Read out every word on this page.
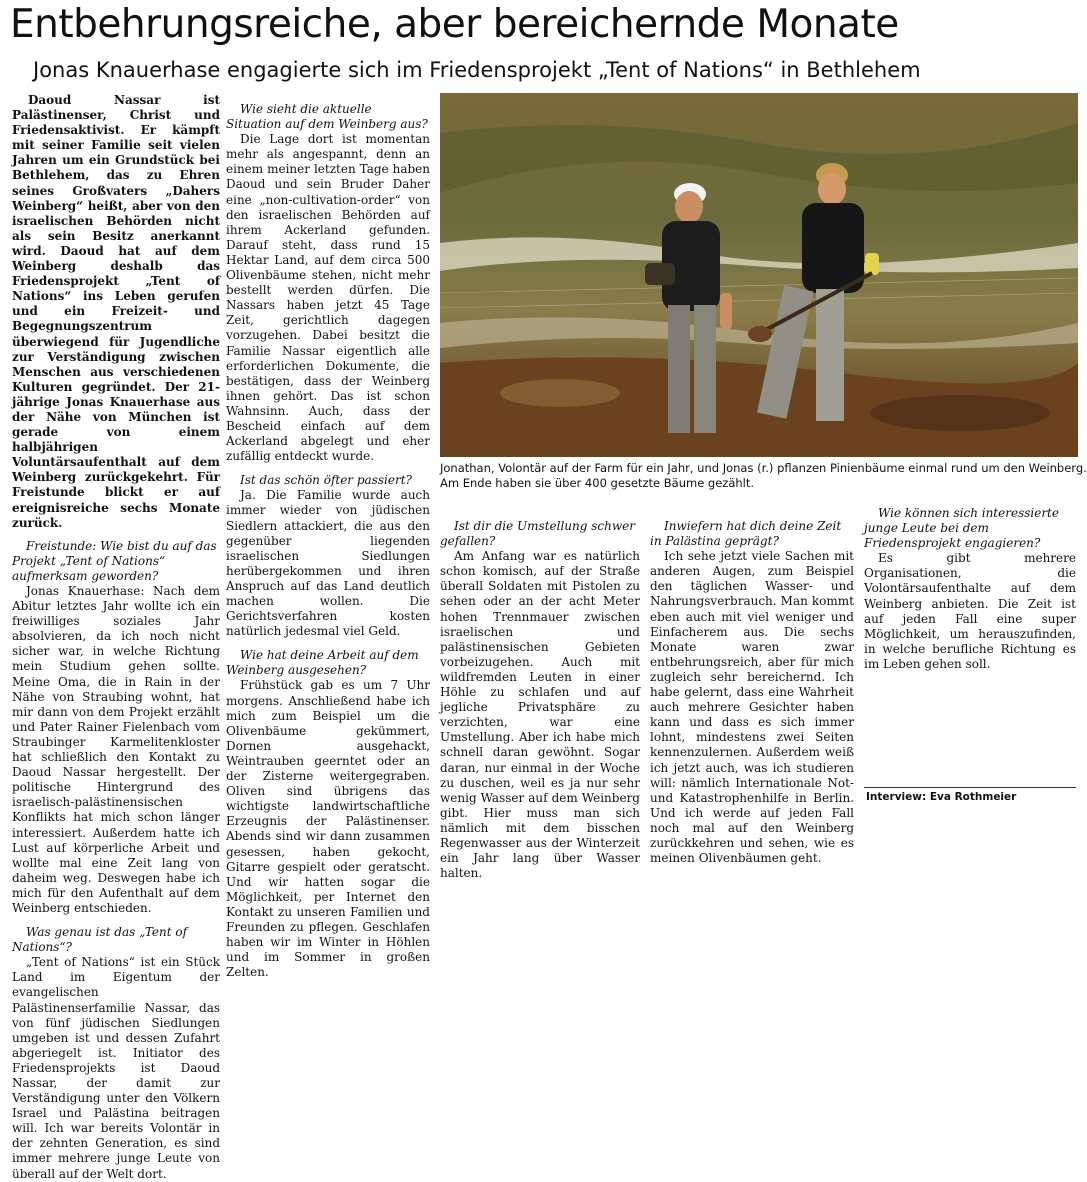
Entbehrungsreiche, aber bereichernde Monate
Jonas Knauerhase engagierte sich im Friedensprojekt „Tent of Nations“ in Bethlehem

Daoud Nassar ist Palästinenser, Christ und Friedensaktivist. Er kämpft mit seiner Familie seit vielen Jahren um ein Grundstück bei Bethlehem, das zu Ehren seines Großvaters „Dahers Weinberg“ heißt, aber von den israelischen Behörden nicht als sein Besitz anerkannt wird. Daoud hat auf dem Weinberg deshalb das Friedensprojekt „Tent of Nations“ ins Leben gerufen und ein Freizeit- und Begegnungszentrum überwiegend für Jugendliche zur Verständigung zwischen Menschen aus verschiedenen Kulturen gegründet. Der 21-jährige Jonas Knauerhase aus der Nähe von München ist gerade von einem halbjährigen Voluntärsaufenthalt auf dem Weinberg zurückgekehrt. Für Freistunde blickt er auf ereignisreiche sechs Monate zurück.

Freistunde: Wie bist du auf das Projekt „Tent of Nations“ aufmerksam geworden?

Jonas Knauerhase: Nach dem Abitur letztes Jahr wollte ich ein freiwilliges soziales Jahr absolvieren, da ich noch nicht sicher war, in welche Richtung mein Studium gehen sollte. Meine Oma, die in Rain in der Nähe von Straubing wohnt, hat mir dann von dem Projekt erzählt und Pater Rainer Fielenbach vom Straubinger Karmelitenkloster hat schließlich den Kontakt zu Daoud Nassar hergestellt. Der politische Hintergrund des israelisch-palästinensischen Konflikts hat mich schon länger interessiert. Außerdem hatte ich Lust auf körperliche Arbeit und wollte mal eine Zeit lang von daheim weg. Deswegen habe ich mich für den Aufenthalt auf dem Weinberg entschieden.

Was genau ist das „Tent of Nations“?

„Tent of Nations“ ist ein Stück Land im Eigentum der evangelischen Palästinenserfamilie Nassar, das von fünf jüdischen Siedlungen umgeben ist und dessen Zufahrt abgeriegelt ist. Initiator des Friedensprojekts ist Daoud Nassar, der damit zur Verständigung unter den Völkern Israel und Palästina beitragen will. Ich war bereits Volontär in der zehnten Generation, es sind immer mehrere junge Leute von überall auf der Welt dort.

Wie sieht die aktuelle Situation auf dem Weinberg aus?

Die Lage dort ist momentan mehr als angespannt, denn an einem meiner letzten Tage haben Daoud und sein Bruder Daher eine „non-cultivation-order“ von den israelischen Behörden auf ihrem Ackerland gefunden. Darauf steht, dass rund 15 Hektar Land, auf dem circa 500 Olivenbäume stehen, nicht mehr bestellt werden dürfen. Die Nassars haben jetzt 45 Tage Zeit, gerichtlich dagegen vorzugehen. Dabei besitzt die Familie Nassar eigentlich alle erforderlichen Dokumente, die bestätigen, dass der Weinberg ihnen gehört. Das ist schon Wahnsinn. Auch, dass der Bescheid einfach auf dem Ackerland abgelegt und eher zufällig entdeckt wurde.

Ist das schön öfter passiert?

Ja. Die Familie wurde auch immer wieder von jüdischen Siedlern attackiert, die aus den gegenüber liegenden israelischen Siedlungen herübergekommen und ihren Anspruch auf das Land deutlich machen wollen. Die Gerichtsverfahren kosten natürlich jedesmal viel Geld.

Wie hat deine Arbeit auf dem Weinberg ausgesehen?

Frühstück gab es um 7 Uhr morgens. Anschließend habe ich mich zum Beispiel um die Olivenbäume gekümmert, Dornen ausgehackt, Weintrauben geerntet oder an der Zisterne weitergegraben. Oliven sind übrigens das wichtigste landwirtschaftliche Erzeugnis der Palästinenser. Abends sind wir dann zusammen gesessen, haben gekocht, Gitarre gespielt oder geratscht. Und wir hatten sogar die Möglichkeit, per Internet den Kontakt zu unseren Familien und Freunden zu pflegen. Geschlafen haben wir im Winter in Höhlen und im Sommer in großen Zelten.

Jonathan, Volontär auf der Farm für ein Jahr, und Jonas (r.) pflanzen Pinienbäume einmal rund um den Weinberg.
Am Ende haben sie über 400 gesetzte Bäume gezählt.

Ist dir die Umstellung schwer gefallen?

Am Anfang war es natürlich schon komisch, auf der Straße überall Soldaten mit Pistolen zu sehen oder an der acht Meter hohen Trennmauer zwischen israelischen und palästinensischen Gebieten vorbeizugehen. Auch mit wildfremden Leuten in einer Höhle zu schlafen und auf jegliche Privatsphäre zu verzichten, war eine Umstellung. Aber ich habe mich schnell daran gewöhnt. Sogar daran, nur einmal in der Woche zu duschen, weil es ja nur sehr wenig Wasser auf dem Weinberg gibt. Hier muss man sich nämlich mit dem bisschen Regenwasser aus der Winterzeit ein Jahr lang über Wasser halten.

Inwiefern hat dich deine Zeit in Palästina geprägt?

Ich sehe jetzt viele Sachen mit anderen Augen, zum Beispiel den täglichen Wasser- und Nahrungsverbrauch. Man kommt eben auch mit viel weniger und Einfacherem aus. Die sechs Monate waren zwar entbehrungsreich, aber für mich zugleich sehr bereichernd. Ich habe gelernt, dass eine Wahrheit auch mehrere Gesichter haben kann und dass es sich immer lohnt, mindestens zwei Seiten kennenzulernen. Außerdem weiß ich jetzt auch, was ich studieren will: nämlich Internationale Not- und Katastrophenhilfe in Berlin. Und ich werde auf jeden Fall noch mal auf den Weinberg zurückkehren und sehen, wie es meinen Olivenbäumen geht.

Wie können sich interessierte junge Leute bei dem Friedensprojekt engagieren?

Es gibt mehrere Organisationen, die Volontärsaufenthalte auf dem Weinberg anbieten. Die Zeit ist auf jeden Fall eine super Möglichkeit, um herauszufinden, in welche berufliche Richtung es im Leben gehen soll.

Interview: Eva Rothmeier
